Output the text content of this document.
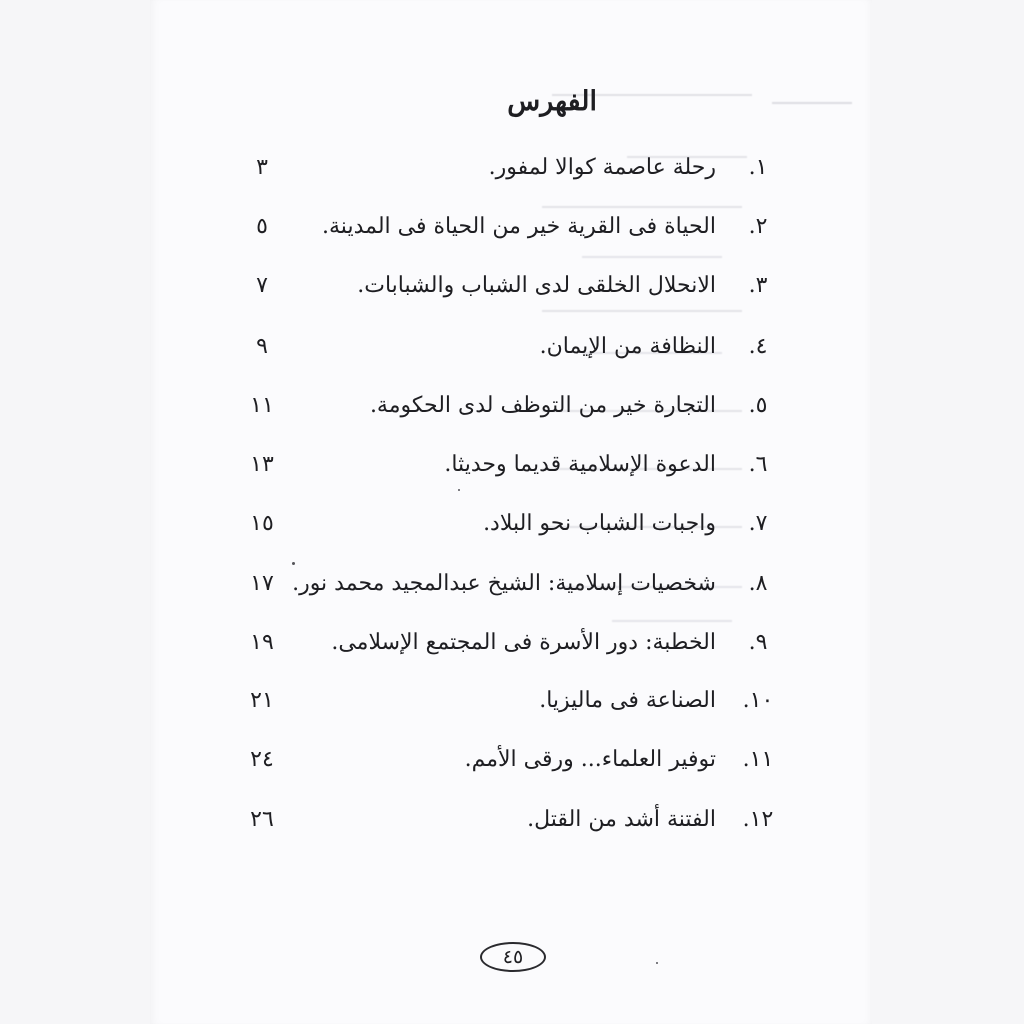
الفهرس
.١
رحلة عاصمة كوالا لمفور.
٣
.٢
الحياة فى القرية خير من الحياة فى المدينة.
٥
.٣
الانحلال الخلقى لدى الشباب والشبابات.
٧
.٤
النظافة من الإيمان.
٩
.٥
التجارة خير من التوظف لدى الحكومة.
١١
.٦
الدعوة الإسلامية قديما وحديثا.
١٣
.٧
واجبات الشباب نحو البلاد.
١٥
.٨
شخصيات إسلامية: الشيخ عبدالمجيد محمد نور.
١٧
.٩
الخطبة: دور الأسرة فى المجتمع الإسلامى.
١٩
.١٠
الصناعة فى ماليزيا.
٢١
.١١
توفير العلماء... ورقى الأمم.
٢٤
.١٢
الفتنة أشد من القتل.
٢٦
٤٥
